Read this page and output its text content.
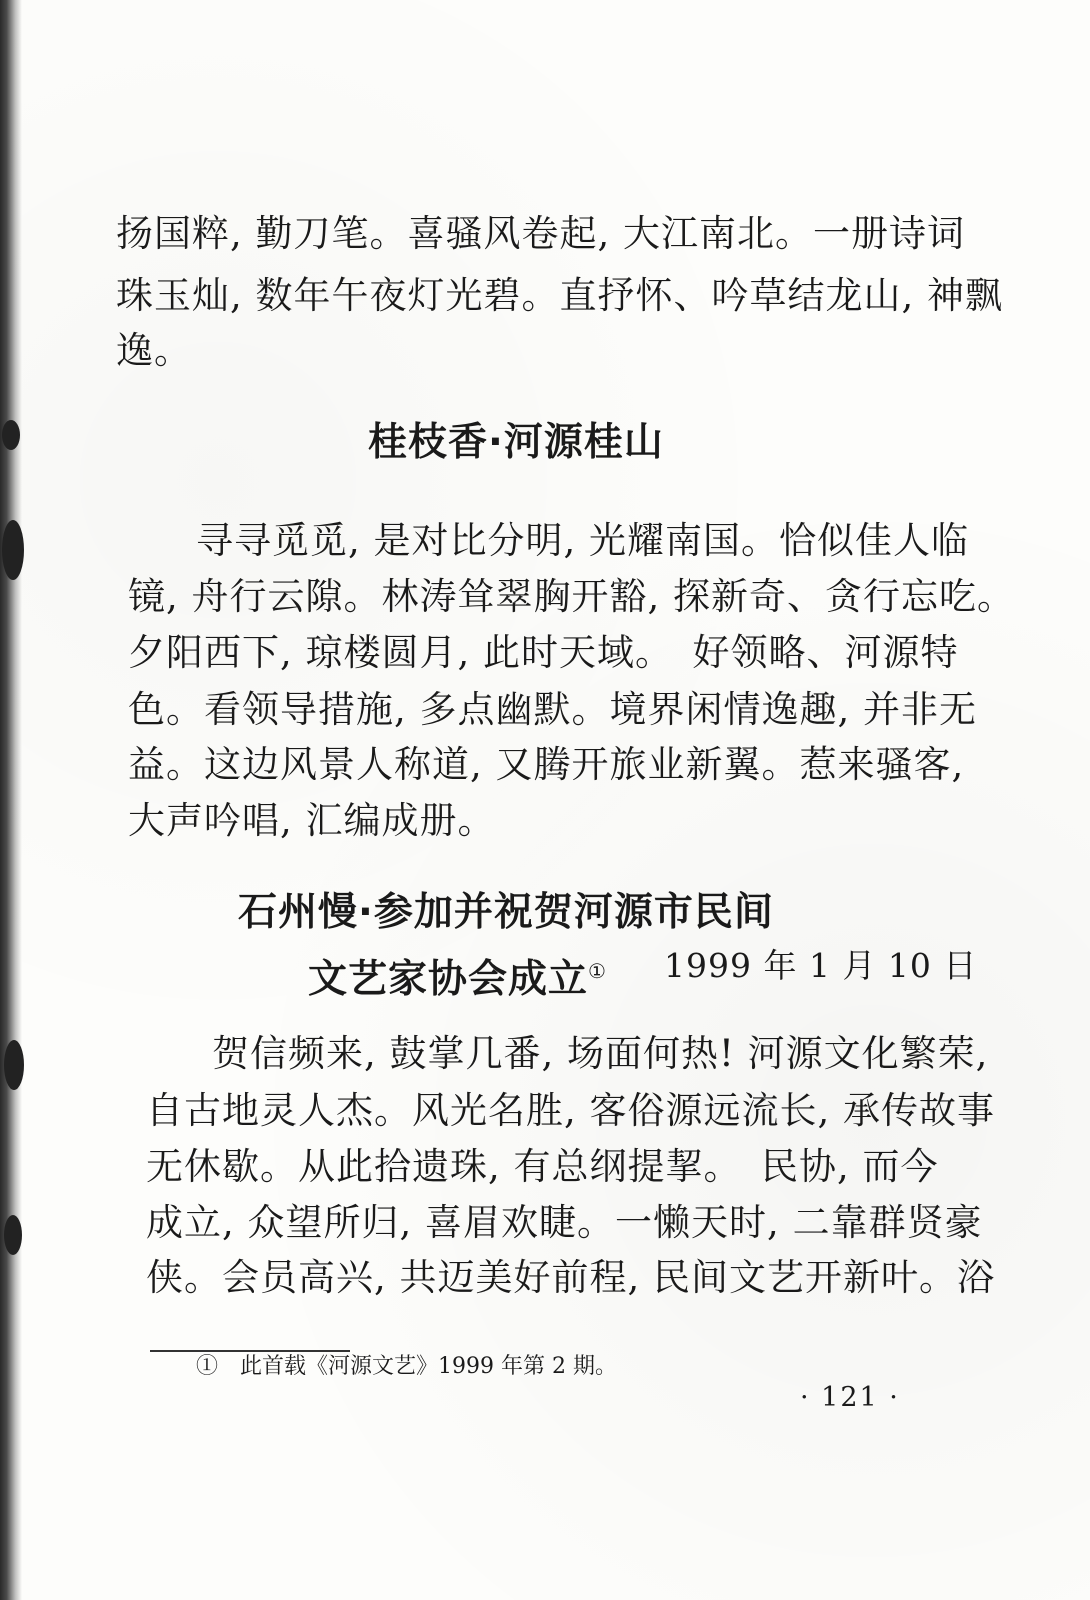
扬国粹, 勤刀笔。喜骚风卷起, 大江南北。一册诗词
珠玉灿, 数年午夜灯光碧。直抒怀、吟草结龙山, 神飘
逸。
桂枝香·河源桂山
寻寻觅觅, 是对比分明, 光耀南国。恰似佳人临
镜, 舟行云隙。林涛耸翠胸开豁, 探新奇、贪行忘吃。
夕阳西下, 琼楼圆月, 此时天域。　好领略、河源特
色。看领导措施, 多点幽默。境界闲情逸趣, 并非无
益。这边风景人称道, 又腾开旅业新翼。惹来骚客,
大声吟唱, 汇编成册。
石州慢·参加并祝贺河源市民间
文艺家协会成立① 1999 年 1 月 10 日
贺信频来, 鼓掌几番, 场面何热! 河源文化繁荣,
自古地灵人杰。风光名胜, 客俗源远流长, 承传故事
无休歇。从此拾遗珠, 有总纲提挈。　民协, 而今
成立, 众望所归, 喜眉欢睫。一懒天时, 二靠群贤豪
侠。会员高兴, 共迈美好前程, 民间文艺开新叶。浴
①　此首载《河源文艺》1999 年第 2 期。
· 121 ·
